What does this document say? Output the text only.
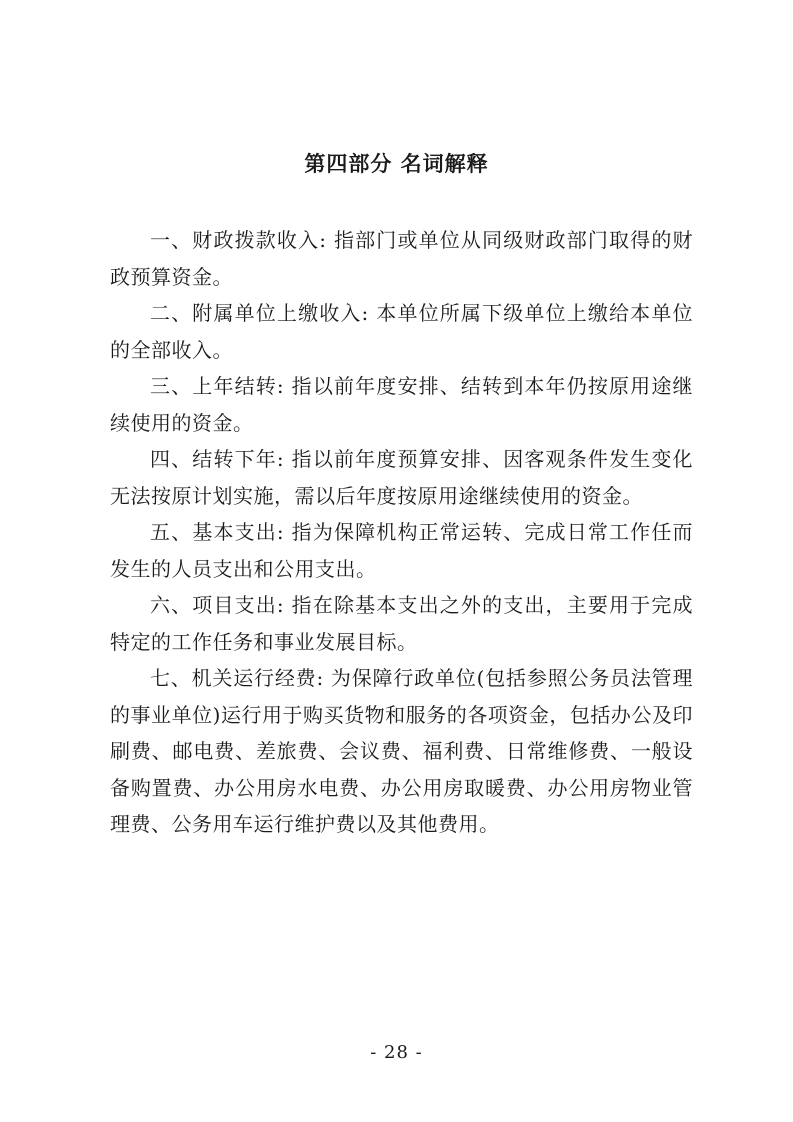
第四部分 名词解释

一、财政拨款收入: 指部门或单位从同级财政部门取得的财政预算资金。

二、附属单位上缴收入: 本单位所属下级单位上缴给本单位的全部收入。

三、上年结转: 指以前年度安排、结转到本年仍按原用途继续使用的资金。

四、结转下年: 指以前年度预算安排、因客观条件发生变化无法按原计划实施，需以后年度按原用途继续使用的资金。

五、基本支出: 指为保障机构正常运转、完成日常工作任而发生的人员支出和公用支出。

六、项目支出: 指在除基本支出之外的支出，主要用于完成特定的工作任务和事业发展目标。

七、机关运行经费: 为保障行政单位(包括参照公务员法管理的事业单位)运行用于购买货物和服务的各项资金，包括办公及印刷费、邮电费、差旅费、会议费、福利费、日常维修费、一般设备购置费、办公用房水电费、办公用房取暖费、办公用房物业管理费、公务用车运行维护费以及其他费用。

- 28 -
